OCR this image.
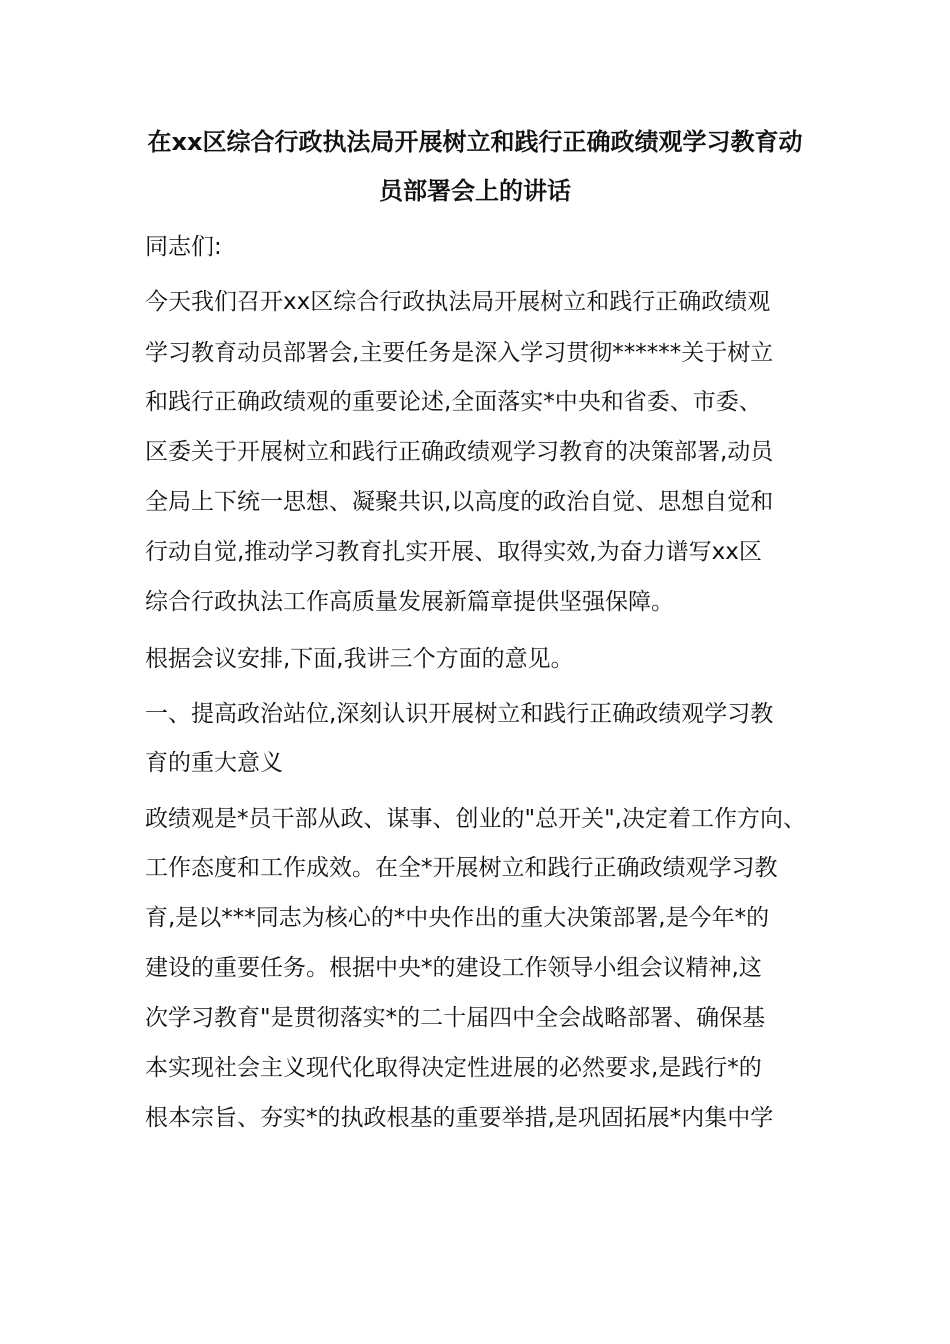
在xx区综合行政执法局开展树立和践行正确政绩观学习教育动
员部署会上的讲话
同志们:
今天我们召开xx区综合行政执法局开展树立和践行正确政绩观
学习教育动员部署会,主要任务是深入学习贯彻******关于树立
和践行正确政绩观的重要论述,全面落实*中央和省委、市委、
区委关于开展树立和践行正确政绩观学习教育的决策部署,动员
全局上下统一思想、凝聚共识,以高度的政治自觉、思想自觉和
行动自觉,推动学习教育扎实开展、取得实效,为奋力谱写xx区
综合行政执法工作高质量发展新篇章提供坚强保障。
根据会议安排,下面,我讲三个方面的意见。
一、提高政治站位,深刻认识开展树立和践行正确政绩观学习教
育的重大意义
政绩观是*员干部从政、谋事、创业的"总开关",决定着工作方向、
工作态度和工作成效。在全*开展树立和践行正确政绩观学习教
育,是以***同志为核心的*中央作出的重大决策部署,是今年*的
建设的重要任务。根据中央*的建设工作领导小组会议精神,这
次学习教育"是贯彻落实*的二十届四中全会战略部署、确保基
本实现社会主义现代化取得决定性进展的必然要求,是践行*的
根本宗旨、夯实*的执政根基的重要举措,是巩固拓展*内集中学
